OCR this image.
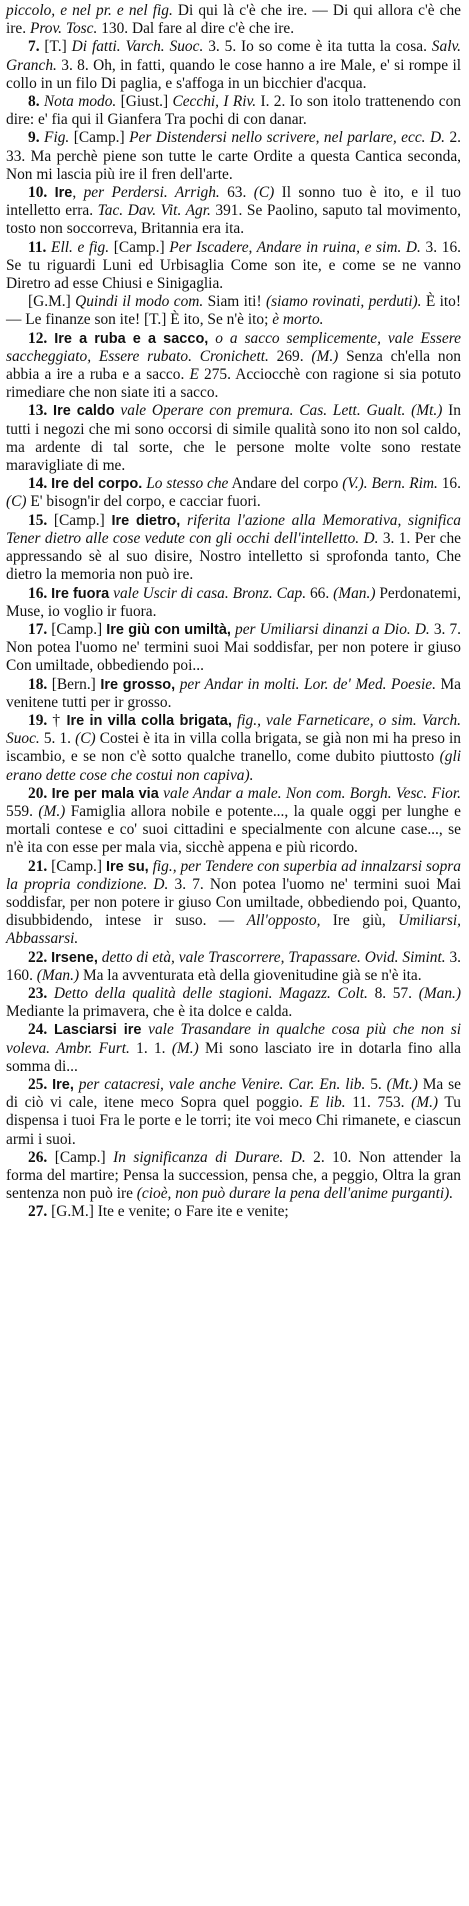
piccolo, e nel pr. e nel fig. Di qui là c'è che ire. — Di qui allora c'è che ire. Prov. Tosc. 130. Dal fare al dire c'è che ire.

7. [T.] Di fatti. Varch. Suoc. 3. 5. Io so come è ita tutta la cosa. Salv. Granch. 3. 8. Oh, in fatti, quando le cose hanno a ire Male, e' si rompe il collo in un filo Di paglia, e s'affoga in un bicchier d'acqua.

8. Nota modo. [Giust.] Cecchi, I Riv. I. 2. Io son itolo trattenendo con dire: e' fia qui il Gianfera Tra pochi di con danar.

9. Fig. [Camp.] Per Distendersi nello scrivere, nel parlare, ecc. D. 2. 33. Ma perchè piene son tutte le carte Ordite a questa Cantica seconda, Non mi lascia più ire il fren dell'arte.

10. Ire, per Perdersi. Arrigh. 63. (C) Il sonno tuo è ito, e il tuo intelletto erra. Tac. Dav. Vit. Agr. 391. Se Paolino, saputo tal movimento, tosto non soccorreva, Britannia era ita.

11. Ell. e fig. [Camp.] Per Iscadere, Andare in ruina, e sim. D. 3. 16. Se tu riguardi Luni ed Urbisaglia Come son ite, e come se ne vanno Diretro ad esse Chiusi e Sinigaglia.

[G.M.] Quindi il modo com. Siam iti! (siamo rovinati, perduti). È ito! — Le finanze son ite! [T.] È ito, Se n'è ito; è morto.

12. Ire a ruba e a sacco, o a sacco semplicemente, vale Essere saccheggiato, Essere rubato. Cronichett. 269. (M.) Senza ch'ella non abbia a ire a ruba e a sacco. E 275. Acciocchè con ragione si sia potuto rimediare che non siate iti a sacco.

13. Ire caldo vale Operare con premura. Cas. Lett. Gualt. (Mt.) In tutti i negozi che mi sono occorsi di simile qualità sono ito non sol caldo, ma ardente di tal sorte, che le persone molte volte sono restate maravigliate di me.

14. Ire del corpo. Lo stesso che Andare del corpo (V.). Bern. Rim. 16. (C) E' bisogn'ir del corpo, e cacciar fuori.

15. [Camp.] Ire dietro, riferita l'azione alla Memorativa, significa Tener dietro alle cose vedute con gli occhi dell'intelletto. D. 3. 1. Per che appressando sè al suo disire, Nostro intelletto si sprofonda tanto, Che dietro la memoria non può ire.

16. Ire fuora vale Uscir di casa. Bronz. Cap. 66. (Man.) Perdonatemi, Muse, io voglio ir fuora.

17. [Camp.] Ire giù con umiltà, per Umiliarsi dinanzi a Dio. D. 3. 7. Non potea l'uomo ne' termini suoi Mai soddisfar, per non potere ir giuso Con umiltade, obbediendo poi...

18. [Bern.] Ire grosso, per Andar in molti. Lor. de' Med. Poesie. Ma venitene tutti per ir grosso.

19. † Ire in villa colla brigata, fig., vale Farneticare, o sim. Varch. Suoc. 5. 1. (C) Costei è ita in villa colla brigata, se già non mi ha preso in iscambio, e se non c'è sotto qualche tranello, come dubito piuttosto (gli erano dette cose che costui non capiva).

20. Ire per mala via vale Andar a male. Non com. Borgh. Vesc. Fior. 559. (M.) Famiglia allora nobile e potente..., la quale oggi per lunghe e mortali contese e co' suoi cittadini e specialmente con alcune case..., se n'è ita con esse per mala via, sicchè appena e più ricordo.

21. [Camp.] Ire su, fig., per Tendere con superbia ad innalzarsi sopra la propria condizione. D. 3. 7. Non potea l'uomo ne' termini suoi Mai soddisfar, per non potere ir giuso Con umiltade, obbediendo poi, Quanto, disubbidendo, intese ir suso. — All'opposto, Ire giù, Umiliarsi, Abbassarsi.

22. Irsene, detto di età, vale Trascorrere, Trapassare. Ovid. Simint. 3. 160. (Man.) Ma la avventurata età della giovenitudine già se n'è ita.

23. Detto della qualità delle stagioni. Magazz. Colt. 8. 57. (Man.) Mediante la primavera, che è ita dolce e calda.

24. Lasciarsi ire vale Trasandare in qualche cosa più che non si voleva. Ambr. Furt. 1. 1. (M.) Mi sono lasciato ire in dotarla fino alla somma di...

25. Ire, per catacresi, vale anche Venire. Car. En. lib. 5. (Mt.) Ma se di ciò vi cale, itene meco Sopra quel poggio. E lib. 11. 753. (M.) Tu dispensa i tuoi Fra le porte e le torri; ite voi meco Chi rimanete, e ciascun armi i suoi.

26. [Camp.] In significanza di Durare. D. 2. 10. Non attender la forma del martire; Pensa la succession, pensa che, a peggio, Oltra la gran sentenza non può ire (cioè, non può durare la pena dell'anime purganti).

27. [G.M.] Ite e venite; o Fare ite e venite;
